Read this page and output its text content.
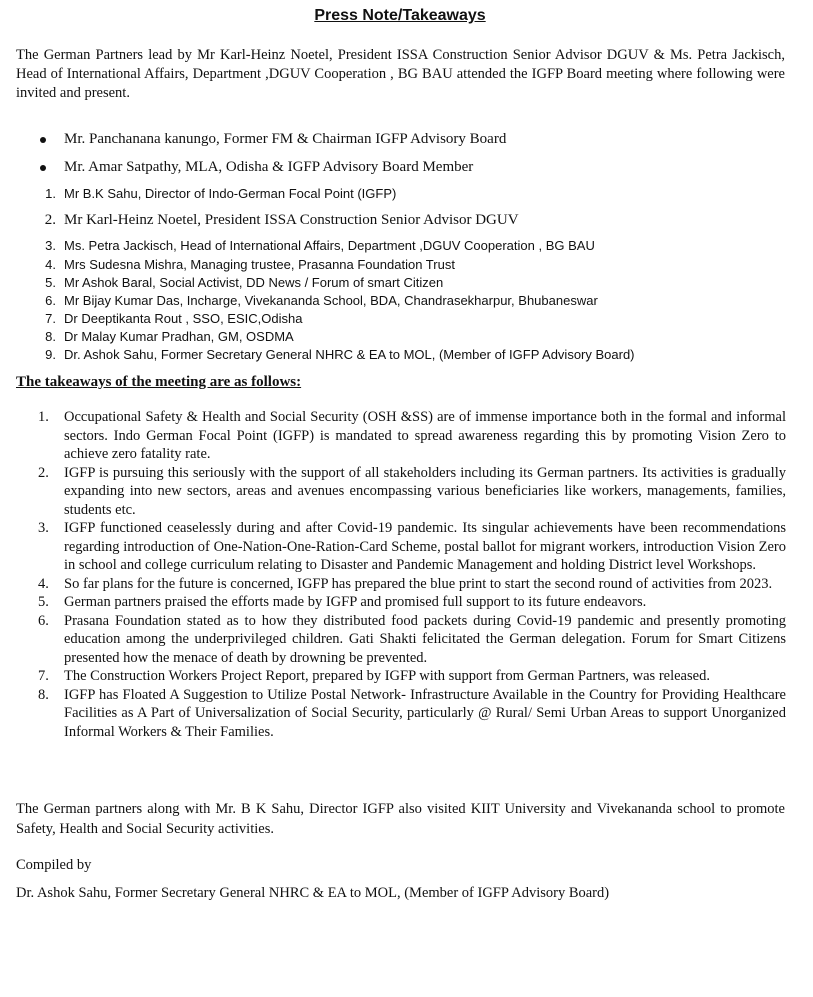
Press Note/Takeaways
The German Partners lead by Mr Karl-Heinz Noetel, President ISSA Construction Senior Advisor DGUV & Ms. Petra Jackisch, Head of International Affairs, Department ,DGUV Cooperation , BG BAU attended the IGFP Board meeting where following were invited and present.
Mr. Panchanana kanungo, Former FM & Chairman IGFP Advisory Board
Mr. Amar Satpathy, MLA, Odisha & IGFP Advisory Board Member
1. Mr B.K Sahu, Director of Indo-German Focal Point (IGFP)
2. Mr Karl-Heinz Noetel, President ISSA Construction Senior Advisor DGUV
3. Ms. Petra Jackisch, Head of International Affairs, Department ,DGUV Cooperation , BG BAU
4. Mrs Sudesna Mishra, Managing trustee, Prasanna Foundation Trust
5. Mr Ashok Baral, Social Activist, DD News / Forum of smart Citizen
6. Mr Bijay Kumar Das, Incharge, Vivekananda School, BDA, Chandrasekharpur, Bhubaneswar
7. Dr Deeptikanta Rout , SSO, ESIC,Odisha
8. Dr Malay Kumar Pradhan, GM, OSDMA
9. Dr. Ashok Sahu, Former Secretary General NHRC & EA to MOL, (Member of IGFP Advisory Board)
The takeaways of the meeting are as follows:
1.	Occupational Safety & Health and Social Security (OSH &SS) are of immense importance both in the formal and informal sectors. Indo German Focal Point (IGFP) is mandated to spread awareness regarding this by promoting Vision Zero to achieve zero fatality rate.
2.	IGFP is pursuing this seriously with the support of all stakeholders including its German partners. Its activities is gradually expanding into new sectors, areas and avenues encompassing various beneficiaries like workers, managements, families, students etc.
3.	IGFP functioned ceaselessly during and after Covid-19 pandemic. Its singular achievements have been recommendations regarding introduction of One-Nation-One-Ration-Card Scheme, postal ballot for migrant workers, introduction Vision Zero in school and college curriculum relating to Disaster and Pandemic Management and holding District level Workshops.
4.	So far plans for the future is concerned, IGFP has prepared the blue print to start the second round of activities from 2023.
5.	German partners praised the efforts made by IGFP and promised full support to its future endeavors.
6.	Prasana Foundation stated as to how they distributed food packets during Covid-19 pandemic and presently promoting education among the underprivileged children. Gati Shakti felicitated the German delegation. Forum for Smart Citizens presented how the menace of death by drowning be prevented.
7.	The Construction Workers Project Report, prepared by IGFP with support from German Partners, was released.
8.	IGFP has Floated A Suggestion to Utilize Postal Network- Infrastructure Available in the Country for Providing Healthcare Facilities as A Part of Universalization of Social Security, particularly @ Rural/ Semi Urban Areas to support Unorganized Informal Workers & Their Families.
The German partners along with Mr. B K Sahu, Director IGFP also visited KIIT University and Vivekananda school to promote Safety, Health and Social Security activities.
Compiled by
Dr. Ashok Sahu, Former Secretary General NHRC & EA to MOL, (Member of IGFP Advisory Board)
